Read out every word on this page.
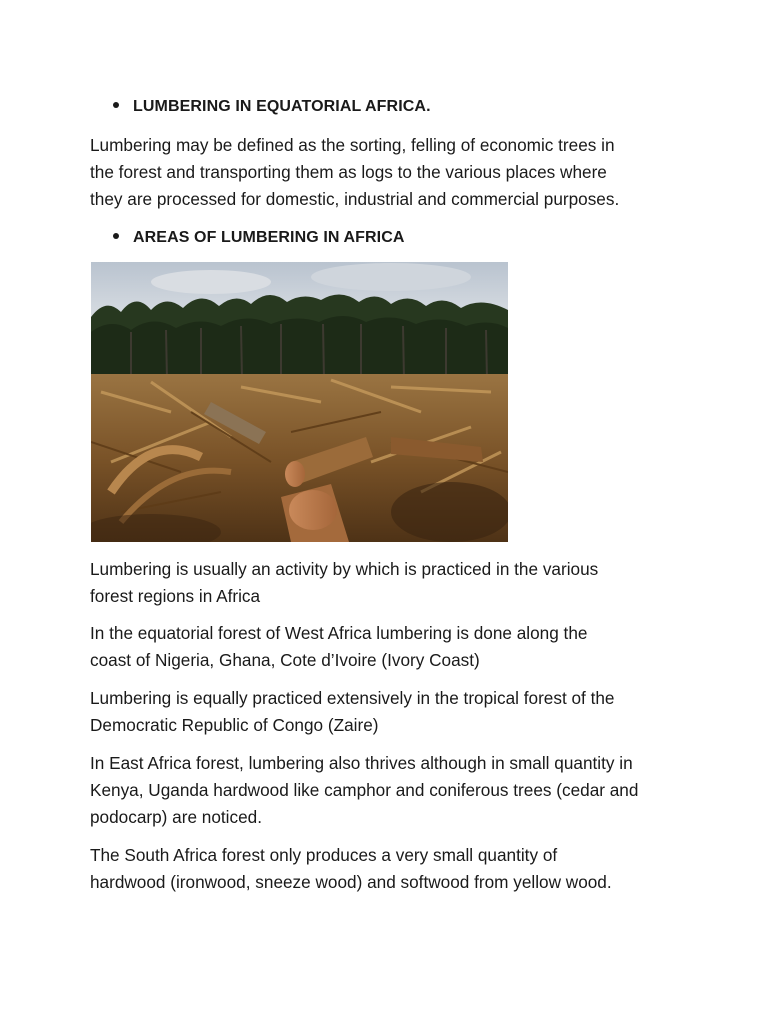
LUMBERING IN EQUATORIAL AFRICA.
Lumbering may be defined as the sorting, felling of economic trees in
the forest and transporting them as logs to the various places where
they are processed for domestic, industrial and commercial purposes.
AREAS OF LUMBERING IN AFRICA
Lumbering is usually an activity by which is practiced in the various
forest regions in Africa
In the equatorial forest of West Africa lumbering is done along the
coast of Nigeria, Ghana, Cote d’Ivoire (Ivory Coast)
Lumbering is equally practiced extensively in the tropical forest of the
Democratic Republic of Congo (Zaire)
In East Africa forest, lumbering also thrives although in small quantity in
Kenya, Uganda hardwood like camphor and coniferous trees (cedar and
podocarp) are noticed.
The South Africa forest only produces a very small quantity of
hardwood (ironwood, sneeze wood) and softwood from yellow wood.
